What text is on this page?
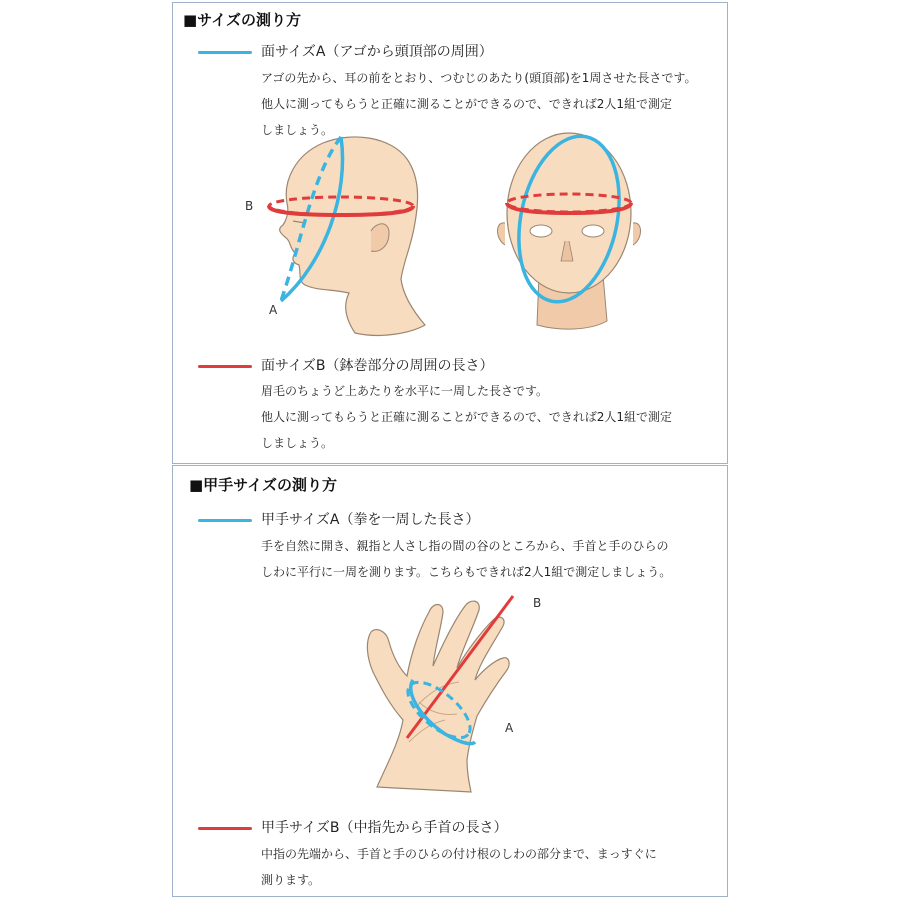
■サイズの測り方
面サイズA（アゴから頭頂部の周囲）
アゴの先から、耳の前をとおり、つむじのあたり(頭頂部)を1周させた長さです。
他人に測ってもらうと正確に測ることができるので、できれば2人1組で測定
しましょう。
B
A
面サイズB（鉢巻部分の周囲の長さ）
眉毛のちょうど上あたりを水平に一周した長さです。
他人に測ってもらうと正確に測ることができるので、できれば2人1組で測定
しましょう。
■甲手サイズの測り方
甲手サイズA（拳を一周した長さ）
手を自然に開き、親指と人さし指の間の谷のところから、手首と手のひらの
しわに平行に一周を測ります。こちらもできれば2人1組で測定しましょう。
B
A
甲手サイズB（中指先から手首の長さ）
中指の先端から、手首と手のひらの付け根のしわの部分まで、まっすぐに
測ります。
